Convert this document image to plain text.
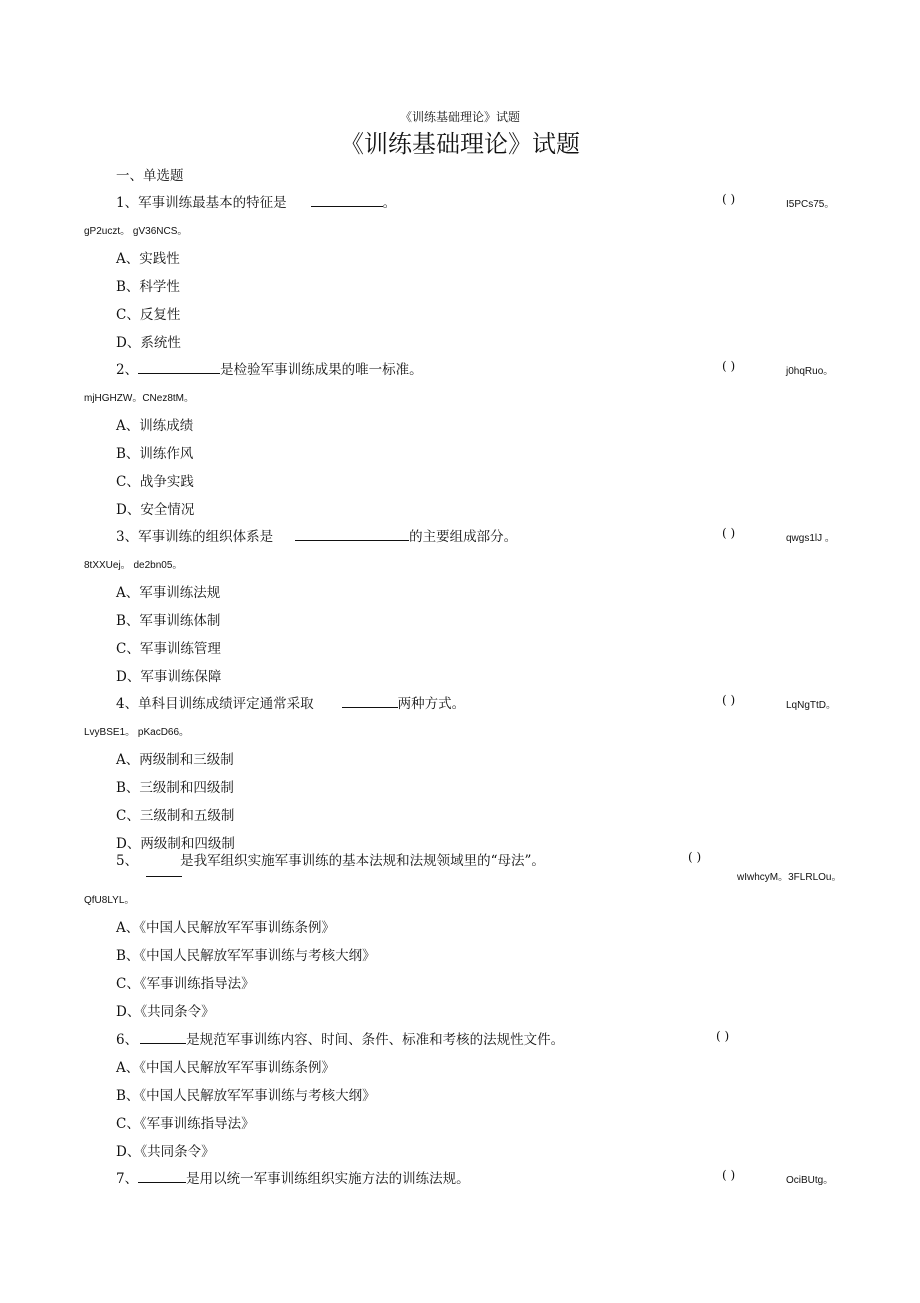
《训练基础理论》试题
《训练基础理论》试题
一、单选题
1、军事训练最基本的特征是	。	( )	I5PCs75。
gP2uczt。 gV36NCS。
A、实践性
B、科学性
C、反复性
D、系统性
2、	是检验军事训练成果的唯一标准。	( )	j0hqRuo。
mjHGHZW。CNez8tM。
A、训练成绩
B、训练作风
C、战争实践
D、安全情况
3、军事训练的组织体系是	的主要组成部分。	( )	qwgs1lJ 。
8tXXUej。 de2bn05。
A、军事训练法规
B、军事训练体制
C、军事训练管理
D、军事训练保障
4、单科目训练成绩评定通常采取	两种方式。	( )	LqNgTtD。
LvyBSE1。 pKacD66。
A、两级制和三级制
B、三级制和四级制
C、三级制和五级制
D、两级制和四级制
5、	是我军组织实施军事训练的基本法规和法规领域里的“母法”。	( )
wIwhcyM。3FLRLOu。
QfU8LYL。
A、《中国人民解放军军事训练条例》
B、《中国人民解放军军事训练与考核大纲》
C、《军事训练指导法》
D、《共同条令》
6、	是规范军事训练内容、时间、条件、标准和考核的法规性文件。	( )
A、《中国人民解放军军事训练条例》
B、《中国人民解放军军事训练与考核大纲》
C、《军事训练指导法》
D、《共同条令》
7、	是用以统一军事训练组织实施方法的训练法规。	( )	OciBUtg。
